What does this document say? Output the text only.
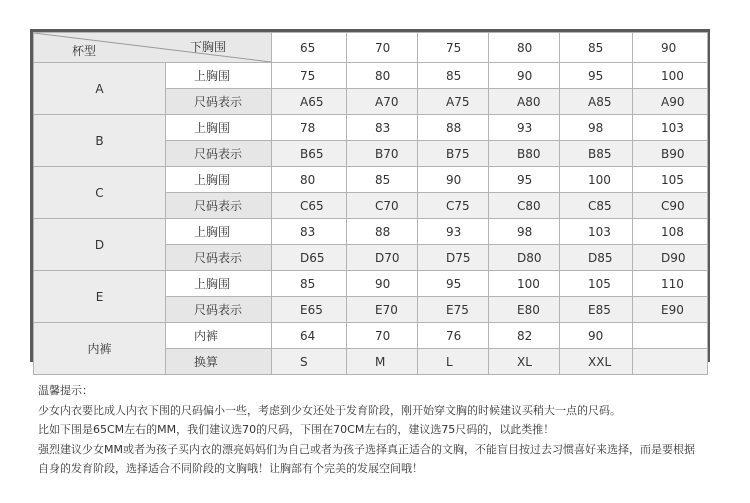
杯型 下胸围		65	70	75	80	85	90
A	上胸围	75	80	85	90	95	100
	尺码表示	A65	A70	A75	A80	A85	A90
B	上胸围	78	83	88	93	98	103
	尺码表示	B65	B70	B75	B80	B85	B90
C	上胸围	80	85	90	95	100	105
	尺码表示	C65	C70	C75	C80	C85	C90
D	上胸围	83	88	93	98	103	108
	尺码表示	D65	D70	D75	D80	D85	D90
E	上胸围	85	90	95	100	105	110
	尺码表示	E65	E70	E75	E80	E85	E90
内裤	内裤	64	70	76	82	90	
	换算	S	M	L	XL	XXL	
温馨提示：
少女内衣要比成人内衣下围的尺码偏小一些，考虑到少女还处于发育阶段，刚开始穿文胸的时候建议买稍大一点的尺码。
比如下围是65CM左右的MM，我们建议选70的尺码，下围在70CM左右的，建议选75尺码的，以此类推！
强烈建议少女MM或者为孩子买内衣的漂亮妈妈们为自己或者为孩子选择真正适合的文胸，不能盲目按过去习惯喜好来选择，而是要根据
自身的发育阶段，选择适合不同阶段的文胸哦！让胸部有个完美的发展空间哦！
